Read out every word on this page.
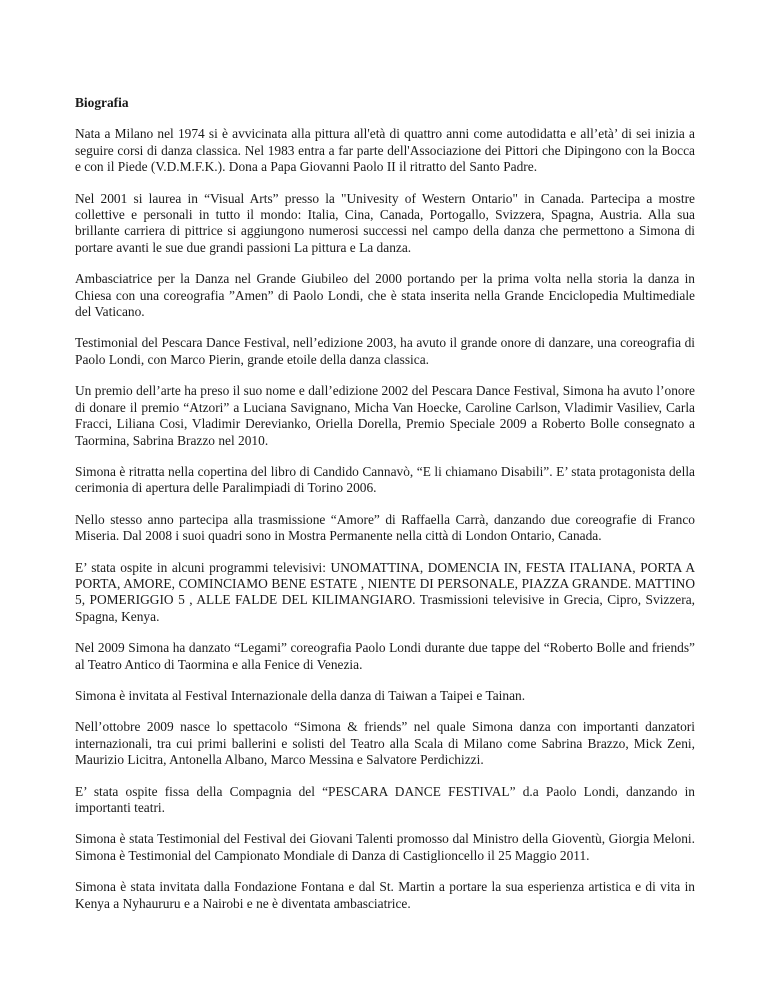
Biografia

Nata a Milano nel 1974 si è avvicinata alla pittura all'età di quattro anni come autodidatta e all’età’ di sei inizia a seguire corsi di danza classica. Nel 1983 entra a far parte dell'Associazione dei Pittori che Dipingono con la Bocca e con il Piede (V.D.M.F.K.). Dona a Papa Giovanni Paolo II il ritratto del Santo Padre.

Nel 2001 si laurea in “Visual Arts” presso la "Univesity of Western Ontario" in Canada. Partecipa a mostre collettive e personali in tutto il mondo: Italia, Cina, Canada, Portogallo, Svizzera, Spagna, Austria. Alla sua brillante carriera di pittrice si aggiungono numerosi successi nel campo della danza che permettono a Simona di portare avanti le sue due grandi passioni La pittura e La danza.

Ambasciatrice per la Danza nel Grande Giubileo del 2000 portando per la prima volta nella storia la danza in Chiesa con una coreografia ”Amen” di Paolo Londi, che è stata inserita nella Grande Enciclopedia Multimediale del Vaticano.

Testimonial del Pescara Dance Festival, nell’edizione 2003, ha avuto il grande onore di danzare, una coreografia di Paolo Londi, con Marco Pierin, grande etoile della danza classica.

Un premio dell’arte ha preso il suo nome e dall’edizione 2002 del Pescara Dance Festival, Simona ha avuto l’onore di donare il premio “Atzori” a Luciana Savignano, Micha Van Hoecke, Caroline Carlson, Vladimir Vasiliev, Carla Fracci, Liliana Cosi, Vladimir Derevianko, Oriella Dorella, Premio Speciale 2009 a Roberto Bolle consegnato a Taormina, Sabrina Brazzo nel 2010.

Simona è ritratta nella copertina del libro di Candido Cannavò, “E li chiamano Disabili”. E’ stata protagonista della cerimonia di apertura delle Paralimpiadi di Torino 2006.

Nello stesso anno partecipa alla trasmissione “Amore” di Raffaella Carrà, danzando due coreografie di Franco Miseria. Dal 2008 i suoi quadri sono in Mostra Permanente nella città di London Ontario, Canada.

E’ stata ospite in alcuni programmi televisivi: UNOMATTINA, DOMENCIA IN, FESTA ITALIANA, PORTA A PORTA, AMORE, COMINCIAMO BENE ESTATE , NIENTE DI PERSONALE, PIAZZA GRANDE. MATTINO 5, POMERIGGIO 5 , ALLE FALDE DEL KILIMANGIARO. Trasmissioni televisive in Grecia, Cipro, Svizzera, Spagna, Kenya.

Nel 2009 Simona ha danzato “Legami” coreografia Paolo Londi durante due tappe del “Roberto Bolle and friends” al Teatro Antico di Taormina e alla Fenice di Venezia.

Simona è invitata al Festival Internazionale della danza di Taiwan a Taipei e Tainan.

Nell’ottobre 2009 nasce lo spettacolo “Simona & friends” nel quale Simona danza con importanti danzatori internazionali, tra cui primi ballerini e solisti del Teatro alla Scala di Milano come Sabrina Brazzo, Mick Zeni, Maurizio Licitra, Antonella Albano, Marco Messina e Salvatore Perdichizzi.

E’ stata ospite fissa della Compagnia del “PESCARA DANCE FESTIVAL” d.a Paolo Londi, danzando in importanti teatri.

Simona è stata Testimonial del Festival dei Giovani Talenti promosso dal Ministro della Gioventù, Giorgia Meloni. Simona è Testimonial del Campionato Mondiale di Danza di Castiglioncello il 25 Maggio 2011.

Simona è stata invitata dalla Fondazione Fontana e dal St. Martin a portare la sua esperienza artistica e di vita in Kenya a Nyhaururu e a Nairobi e ne è diventata ambasciatrice.
